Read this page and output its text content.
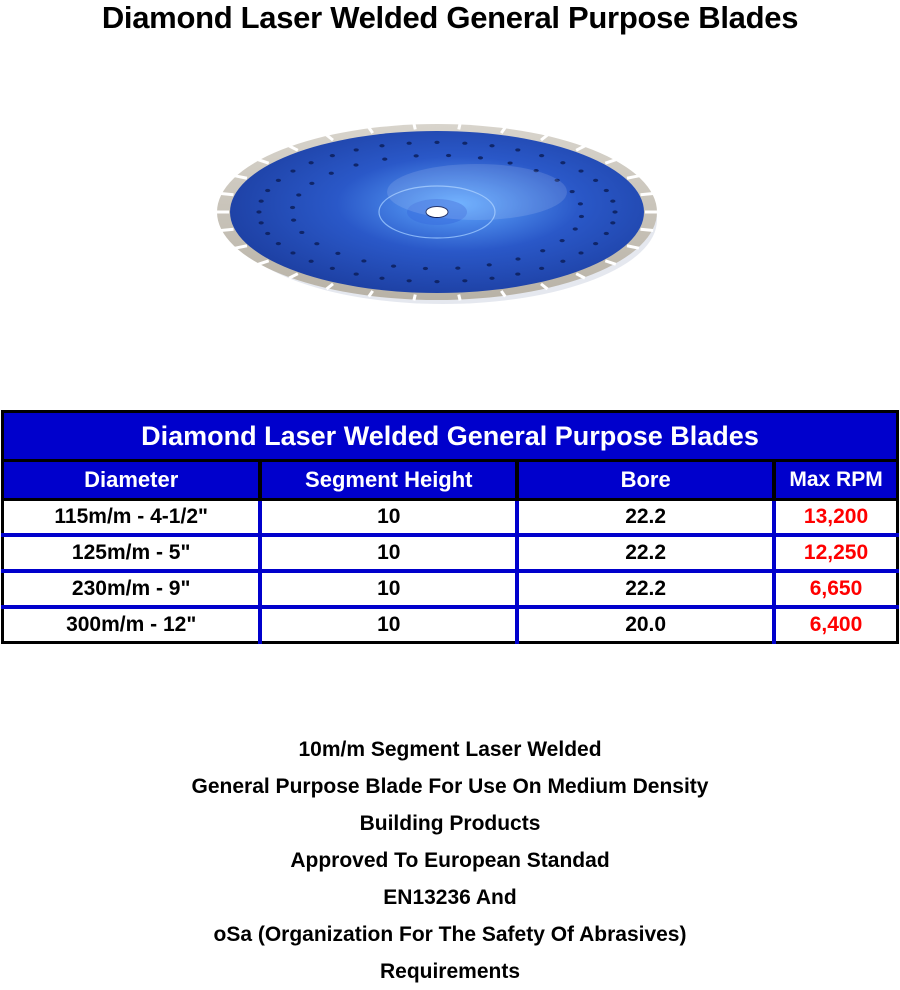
Diamond Laser Welded General Purpose Blades
Diamond Laser Welded General Purpose Blades			
Diameter	Segment Height	Bore	Max RPM
115m/m - 4-1/2"	10	22.2	13,200
125m/m - 5"	10	22.2	12,250
230m/m - 9"	10	22.2	6,650
300m/m - 12"	10	20.0	6,400
10m/m Segment Laser Welded
General Purpose Blade For Use On Medium Density
Building Products
Approved To European Standad
EN13236 And
oSa (Organization For The Safety Of Abrasives)
Requirements
